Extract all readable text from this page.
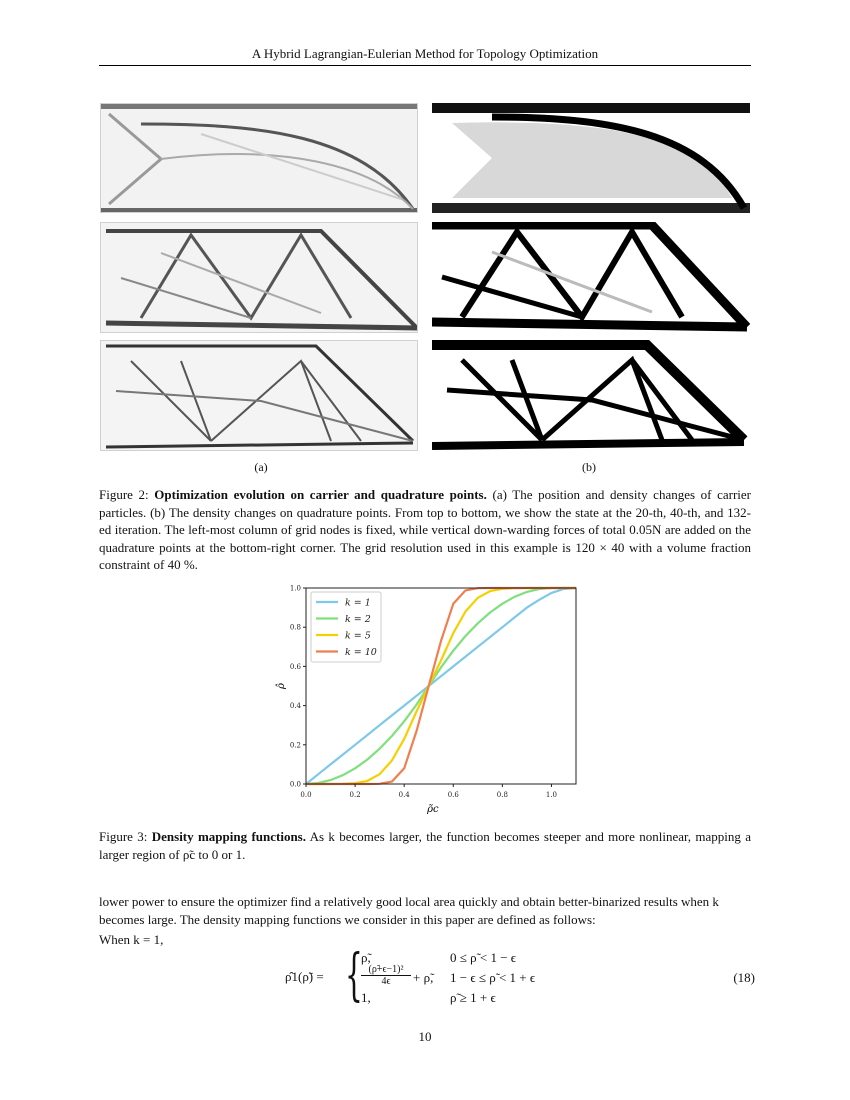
A Hybrid Lagrangian-Eulerian Method for Topology Optimization
(a)	(b)
Figure 2: Optimization evolution on carrier and quadrature points. (a) The position and density changes of carrier particles. (b) The density changes on quadrature points. From top to bottom, we show the state at the 20-th, 40-th, and 132-ed iteration. The left-most column of grid nodes is fixed, while vertical down-warding forces of total 0.05N are added on the quadrature points at the bottom-right corner. The grid resolution used in this example is 120 × 40 with a volume fraction constraint of 40 %.
0.0	0.2	0.4	0.6	0.8	1.0
0.0
0.2
0.4
0.6
0.8
1.0
ρ̃c
ρ̂
k = 1
k = 2
k = 5
k = 10
Figure 3: Density mapping functions. As k becomes larger, the function becomes steeper and more nonlinear, mapping a larger region of ρ̃c to 0 or 1.
lower power to ensure the optimizer find a relatively good local area quickly and obtain better-binarized results when k becomes large. The density mapping functions we consider in this paper are defined as follows:
When k = 1,
ρ̂1(ρ̃) = {
ρ̃,	0 ≤ ρ̃ < 1 − ϵ
$\frac{\text{(ρ̃+ϵ−1)²}}{4\epsilon}$ + ρ̃, 1 − ϵ ≤ ρ̃ < 1 + ϵ
1,	ρ̃ ≥ 1 + ϵ
(18)
10
